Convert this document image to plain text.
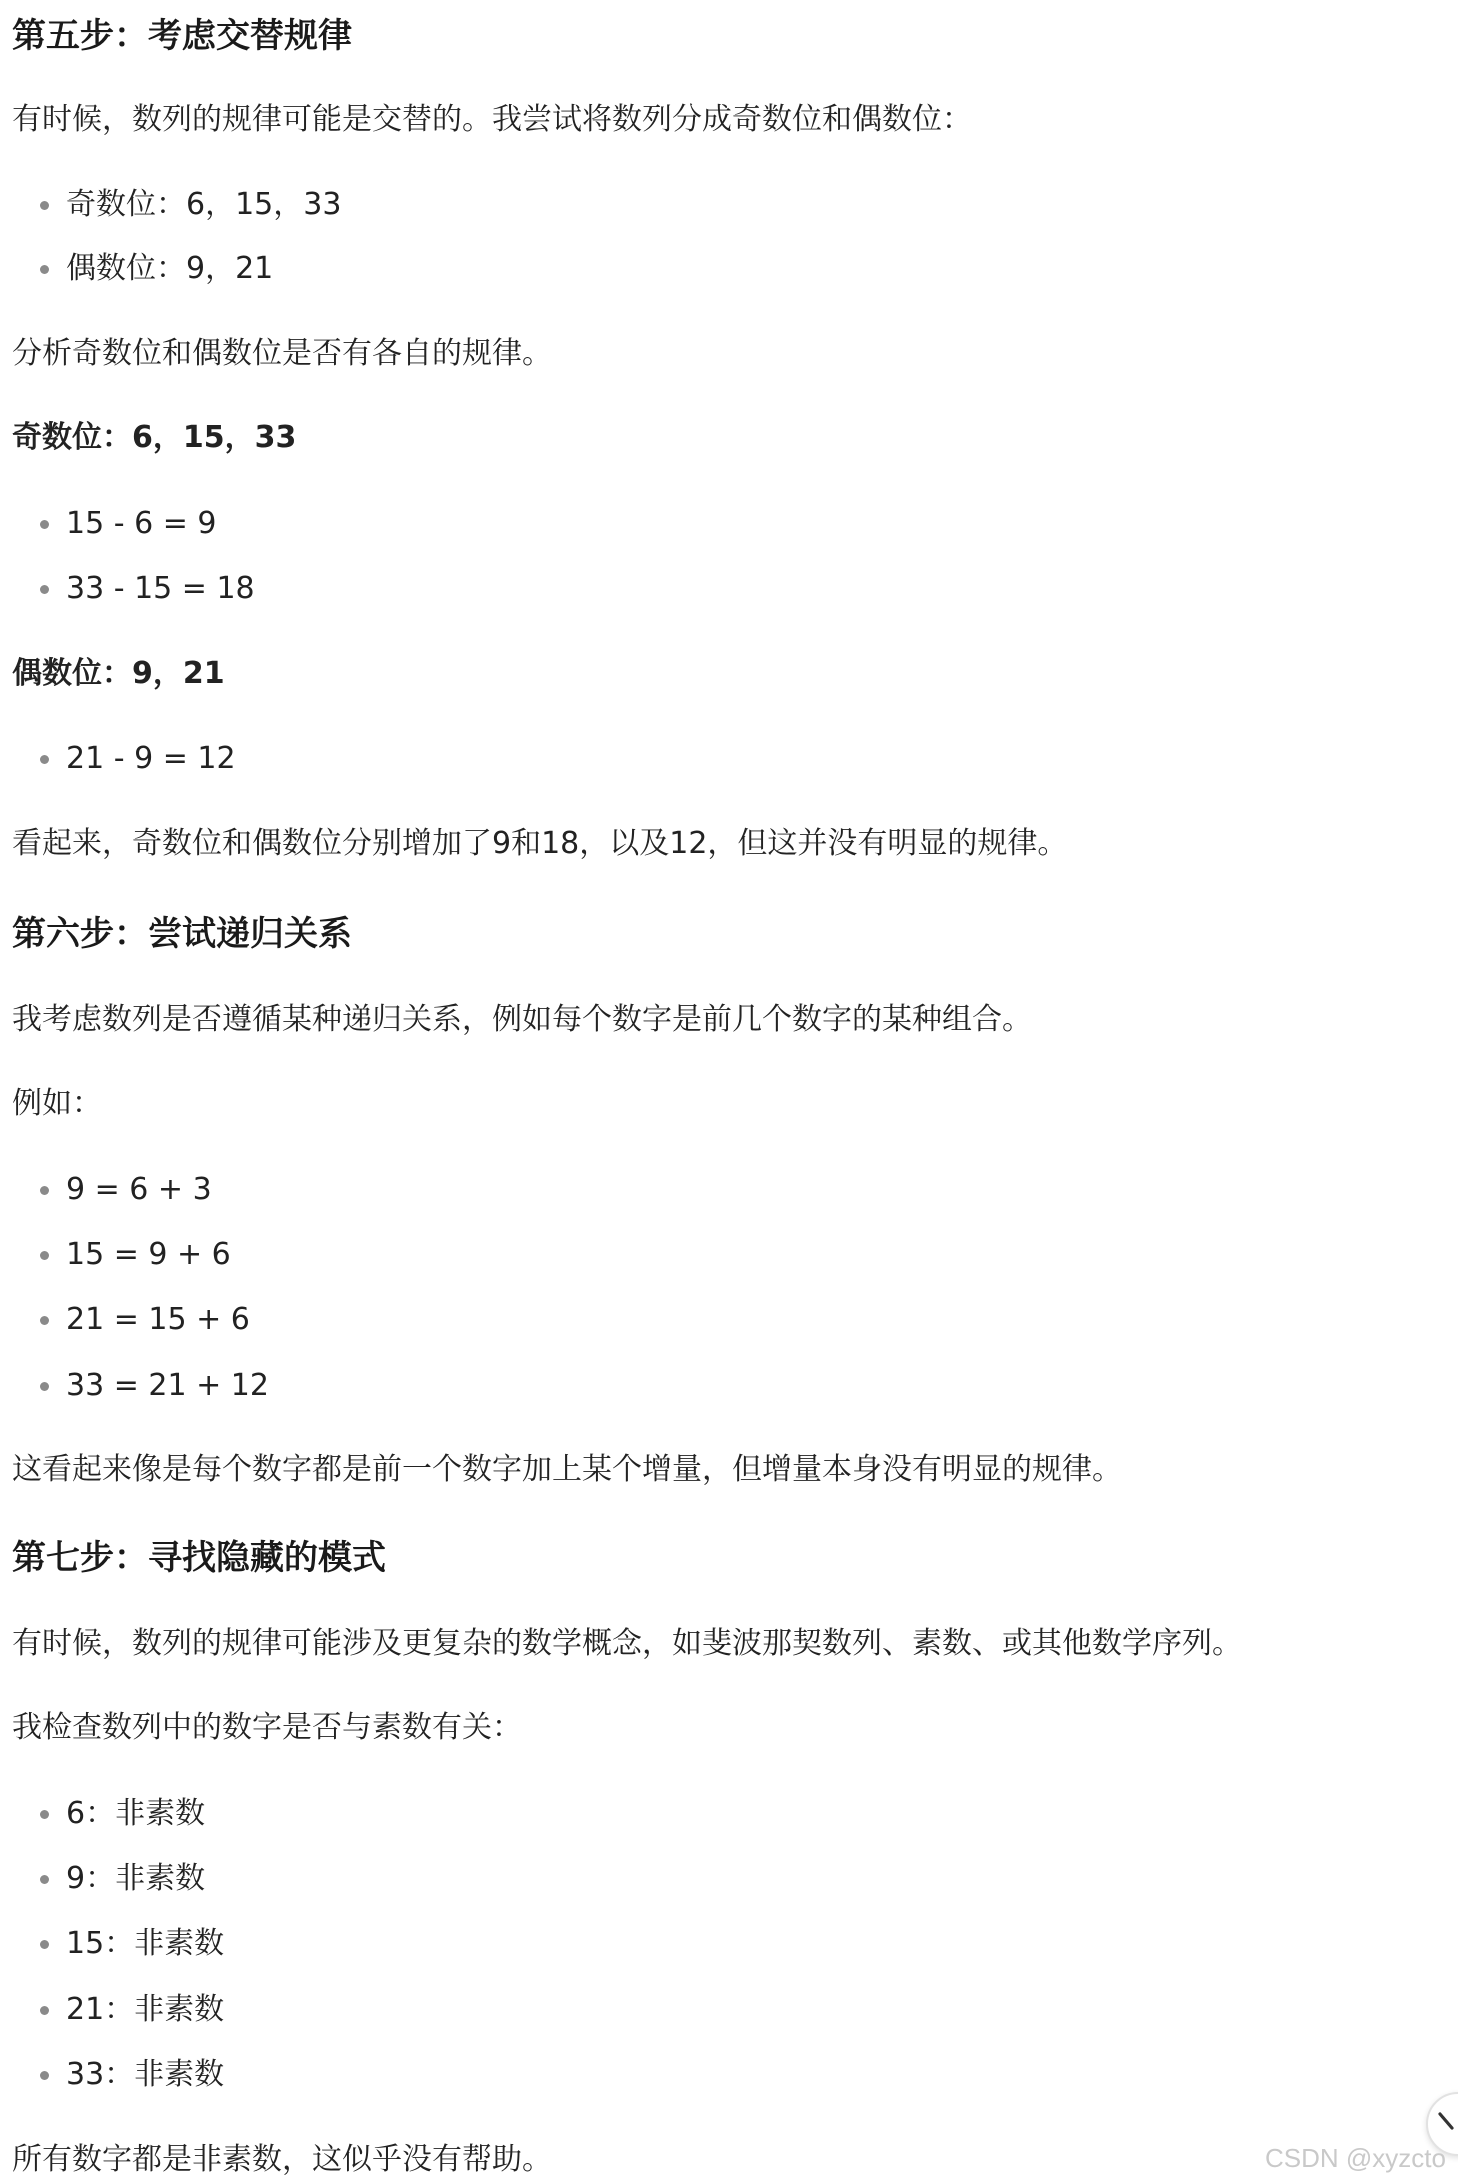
第五步：考虑交替规律
有时候，数列的规律可能是交替的。我尝试将数列分成奇数位和偶数位：
奇数位：6，15，33
偶数位：9，21
分析奇数位和偶数位是否有各自的规律。
奇数位：6，15，33
15 - 6 = 9
33 - 15 = 18
偶数位：9，21
21 - 9 = 12
看起来，奇数位和偶数位分别增加了9和18，以及12，但这并没有明显的规律。
第六步：尝试递归关系
我考虑数列是否遵循某种递归关系，例如每个数字是前几个数字的某种组合。
例如：
9 = 6 + 3
15 = 9 + 6
21 = 15 + 6
33 = 21 + 12
这看起来像是每个数字都是前一个数字加上某个增量，但增量本身没有明显的规律。
第七步：寻找隐藏的模式
有时候，数列的规律可能涉及更复杂的数学概念，如斐波那契数列、素数、或其他数学序列。
我检查数列中的数字是否与素数有关：
6：非素数
9：非素数
15：非素数
21：非素数
33：非素数
所有数字都是非素数，这似乎没有帮助。	CSDN @xyzcto
